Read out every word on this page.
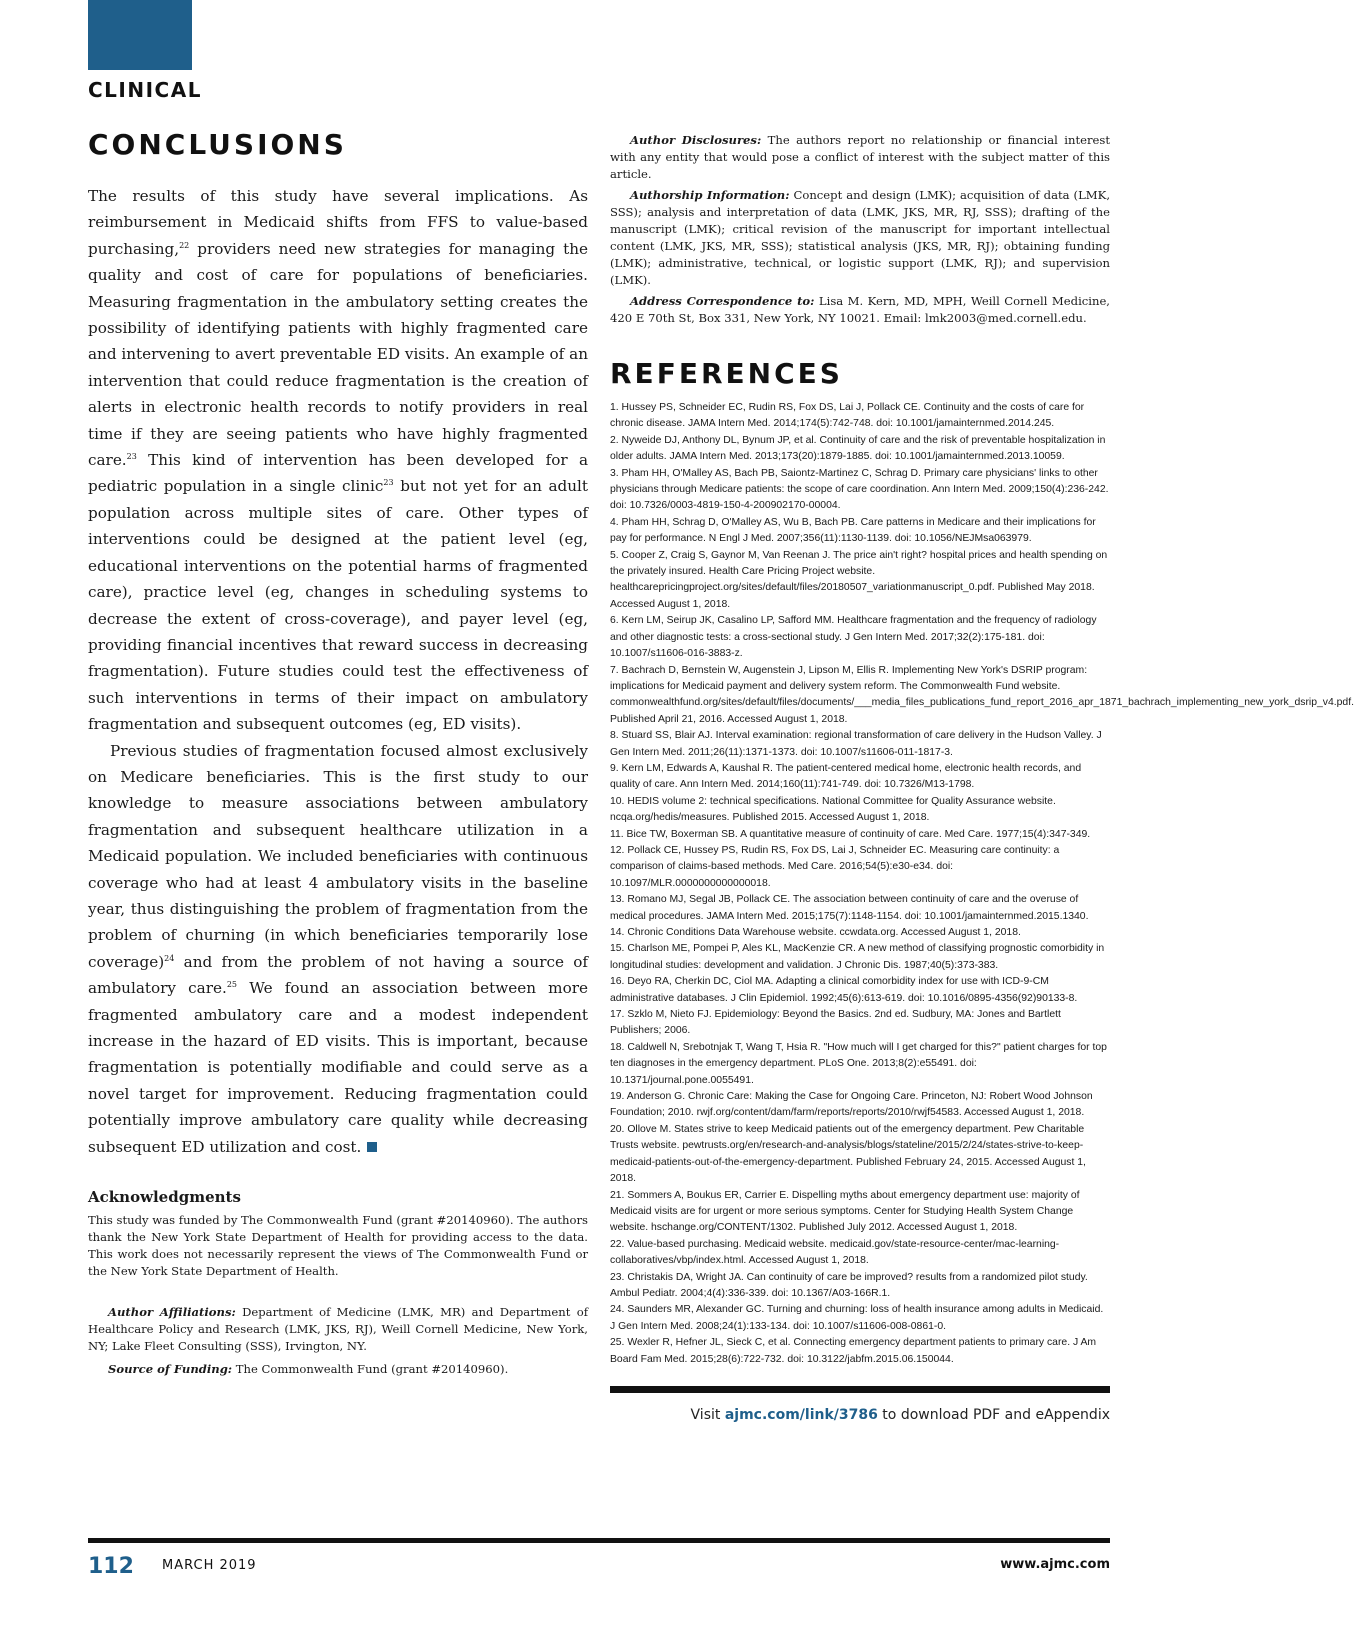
CLINICAL
CONCLUSIONS

The results of this study have several implications. As reimbursement in Medicaid shifts from FFS to value-based purchasing,$^{22}$ providers need new strategies for managing the quality and cost of care for populations of beneficiaries. Measuring fragmentation in the ambulatory setting creates the possibility of identifying patients with highly fragmented care and intervening to avert preventable ED visits. An example of an intervention that could reduce fragmentation is the creation of alerts in electronic health records to notify providers in real time if they are seeing patients who have highly fragmented care.$^{23}$ This kind of intervention has been developed for a pediatric population in a single clinic$^{23}$ but not yet for an adult population across multiple sites of care. Other types of interventions could be designed at the patient level (eg, educational interventions on the potential harms of fragmented care), practice level (eg, changes in scheduling systems to decrease the extent of cross-coverage), and payer level (eg, providing financial incentives that reward success in decreasing fragmentation). Future studies could test the effectiveness of such interventions in terms of their impact on ambulatory fragmentation and subsequent outcomes (eg, ED visits).

Previous studies of fragmentation focused almost exclusively on Medicare beneficiaries. This is the first study to our knowledge to measure associations between ambulatory fragmentation and subsequent healthcare utilization in a Medicaid population. We included beneficiaries with continuous coverage who had at least 4 ambulatory visits in the baseline year, thus distinguishing the problem of fragmentation from the problem of churning (in which beneficiaries temporarily lose coverage)$^{24}$ and from the problem of not having a source of ambulatory care.$^{25}$ We found an association between more fragmented ambulatory care and a modest independent increase in the hazard of ED visits. This is important, because fragmentation is potentially modifiable and could serve as a novel target for improvement. Reducing fragmentation could potentially improve ambulatory care quality while decreasing subsequent ED utilization and cost.

Acknowledgments

This study was funded by The Commonwealth Fund (grant #20140960). The authors thank the New York State Department of Health for providing access to the data. This work does not necessarily represent the views of The Commonwealth Fund or the New York State Department of Health.

Author Affiliations: Department of Medicine (LMK, MR) and Department of Healthcare Policy and Research (LMK, JKS, RJ), Weill Cornell Medicine, New York, NY; Lake Fleet Consulting (SSS), Irvington, NY.

Source of Funding: The Commonwealth Fund (grant #20140960).

Author Disclosures: The authors report no relationship or financial interest with any entity that would pose a conflict of interest with the subject matter of this article.

Authorship Information: Concept and design (LMK); acquisition of data (LMK, SSS); analysis and interpretation of data (LMK, JKS, MR, RJ, SSS); drafting of the manuscript (LMK); critical revision of the manuscript for important intellectual content (LMK, JKS, MR, SSS); statistical analysis (JKS, MR, RJ); obtaining funding (LMK); administrative, technical, or logistic support (LMK, RJ); and supervision (LMK).

Address Correspondence to: Lisa M. Kern, MD, MPH, Weill Cornell Medicine, 420 E 70th St, Box 331, New York, NY 10021. Email: lmk2003@med.cornell.edu.

REFERENCES
1. Hussey PS, Schneider EC, Rudin RS, Fox DS, Lai J, Pollack CE. Continuity and the costs of care for chronic disease. JAMA Intern Med. 2014;174(5):742-748. doi: 10.1001/jamainternmed.2014.245.
2. Nyweide DJ, Anthony DL, Bynum JP, et al. Continuity of care and the risk of preventable hospitalization in older adults. JAMA Intern Med. 2013;173(20):1879-1885. doi: 10.1001/jamainternmed.2013.10059.
3. Pham HH, O'Malley AS, Bach PB, Saiontz-Martinez C, Schrag D. Primary care physicians' links to other physicians through Medicare patients: the scope of care coordination. Ann Intern Med. 2009;150(4):236-242. doi: 10.7326/0003-4819-150-4-200902170-00004.
4. Pham HH, Schrag D, O'Malley AS, Wu B, Bach PB. Care patterns in Medicare and their implications for pay for performance. N Engl J Med. 2007;356(11):1130-1139. doi: 10.1056/NEJMsa063979.
5. Cooper Z, Craig S, Gaynor M, Van Reenan J. The price ain't right? hospital prices and health spending on the privately insured. Health Care Pricing Project website. healthcarepricingproject.org/sites/default/files/20180507_variationmanuscript_0.pdf. Published May 2018. Accessed August 1, 2018.
6. Kern LM, Seirup JK, Casalino LP, Safford MM. Healthcare fragmentation and the frequency of radiology and other diagnostic tests: a cross-sectional study. J Gen Intern Med. 2017;32(2):175-181. doi: 10.1007/s11606-016-3883-z.
7. Bachrach D, Bernstein W, Augenstein J, Lipson M, Ellis R. Implementing New York's DSRIP program: implications for Medicaid payment and delivery system reform. The Commonwealth Fund website. commonwealthfund.org/sites/default/files/documents/___media_files_publications_fund_report_2016_apr_1871_bachrach_implementing_new_york_dsrip_v4.pdf. Published April 21, 2016. Accessed August 1, 2018.
8. Stuard SS, Blair AJ. Interval examination: regional transformation of care delivery in the Hudson Valley. J Gen Intern Med. 2011;26(11):1371-1373. doi: 10.1007/s11606-011-1817-3.
9. Kern LM, Edwards A, Kaushal R. The patient-centered medical home, electronic health records, and quality of care. Ann Intern Med. 2014;160(11):741-749. doi: 10.7326/M13-1798.
10. HEDIS volume 2: technical specifications. National Committee for Quality Assurance website. ncqa.org/hedis/measures. Published 2015. Accessed August 1, 2018.
11. Bice TW, Boxerman SB. A quantitative measure of continuity of care. Med Care. 1977;15(4):347-349.
12. Pollack CE, Hussey PS, Rudin RS, Fox DS, Lai J, Schneider EC. Measuring care continuity: a comparison of claims-based methods. Med Care. 2016;54(5):e30-e34. doi: 10.1097/MLR.0000000000000018.
13. Romano MJ, Segal JB, Pollack CE. The association between continuity of care and the overuse of medical procedures. JAMA Intern Med. 2015;175(7):1148-1154. doi: 10.1001/jamainternmed.2015.1340.
14. Chronic Conditions Data Warehouse website. ccwdata.org. Accessed August 1, 2018.
15. Charlson ME, Pompei P, Ales KL, MacKenzie CR. A new method of classifying prognostic comorbidity in longitudinal studies: development and validation. J Chronic Dis. 1987;40(5):373-383.
16. Deyo RA, Cherkin DC, Ciol MA. Adapting a clinical comorbidity index for use with ICD-9-CM administrative databases. J Clin Epidemiol. 1992;45(6):613-619. doi: 10.1016/0895-4356(92)90133-8.
17. Szklo M, Nieto FJ. Epidemiology: Beyond the Basics. 2nd ed. Sudbury, MA: Jones and Bartlett Publishers; 2006.
18. Caldwell N, Srebotnjak T, Wang T, Hsia R. "How much will I get charged for this?" patient charges for top ten diagnoses in the emergency department. PLoS One. 2013;8(2):e55491. doi: 10.1371/journal.pone.0055491.
19. Anderson G. Chronic Care: Making the Case for Ongoing Care. Princeton, NJ: Robert Wood Johnson Foundation; 2010. rwjf.org/content/dam/farm/reports/reports/2010/rwjf54583. Accessed August 1, 2018.
20. Ollove M. States strive to keep Medicaid patients out of the emergency department. Pew Charitable Trusts website. pewtrusts.org/en/research-and-analysis/blogs/stateline/2015/2/24/states-strive-to-keep-medicaid-patients-out-of-the-emergency-department. Published February 24, 2015. Accessed August 1, 2018.
21. Sommers A, Boukus ER, Carrier E. Dispelling myths about emergency department use: majority of Medicaid visits are for urgent or more serious symptoms. Center for Studying Health System Change website. hschange.org/CONTENT/1302. Published July 2012. Accessed August 1, 2018.
22. Value-based purchasing. Medicaid website. medicaid.gov/state-resource-center/mac-learning-collaboratives/vbp/index.html. Accessed August 1, 2018.
23. Christakis DA, Wright JA. Can continuity of care be improved? results from a randomized pilot study. Ambul Pediatr. 2004;4(4):336-339. doi: 10.1367/A03-166R.1.
24. Saunders MR, Alexander GC. Turning and churning: loss of health insurance among adults in Medicaid. J Gen Intern Med. 2008;24(1):133-134. doi: 10.1007/s11606-008-0861-0.
25. Wexler R, Hefner JL, Sieck C, et al. Connecting emergency department patients to primary care. J Am Board Fam Med. 2015;28(6):722-732. doi: 10.3122/jabfm.2015.06.150044.
Visit ajmc.com/link/3786 to download PDF and eAppendix
112 MARCH 2019	www.ajmc.com
